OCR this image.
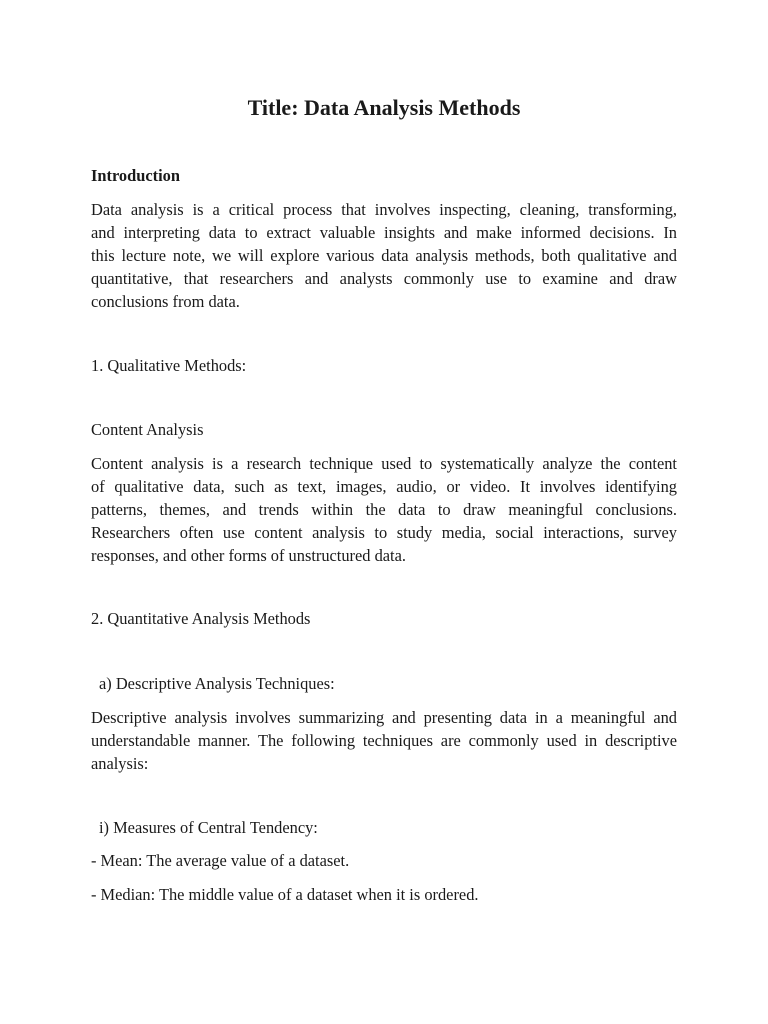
Title: Data Analysis Methods

Introduction

Data analysis is a critical process that involves inspecting, cleaning, transforming,
and interpreting data to extract valuable insights and make informed decisions. In
this lecture note, we will explore various data analysis methods, both qualitative and
quantitative, that researchers and analysts commonly use to examine and draw
conclusions from data.

1. Qualitative Methods:

Content Analysis

Content analysis is a research technique used to systematically analyze the content
of qualitative data, such as text, images, audio, or video. It involves identifying
patterns, themes, and trends within the data to draw meaningful conclusions.
Researchers often use content analysis to study media, social interactions, survey
responses, and other forms of unstructured data.

2. Quantitative Analysis Methods

a) Descriptive Analysis Techniques:

Descriptive analysis involves summarizing and presenting data in a meaningful and
understandable manner. The following techniques are commonly used in descriptive
analysis:

i) Measures of Central Tendency:

- Mean: The average value of a dataset.

- Median: The middle value of a dataset when it is ordered.
